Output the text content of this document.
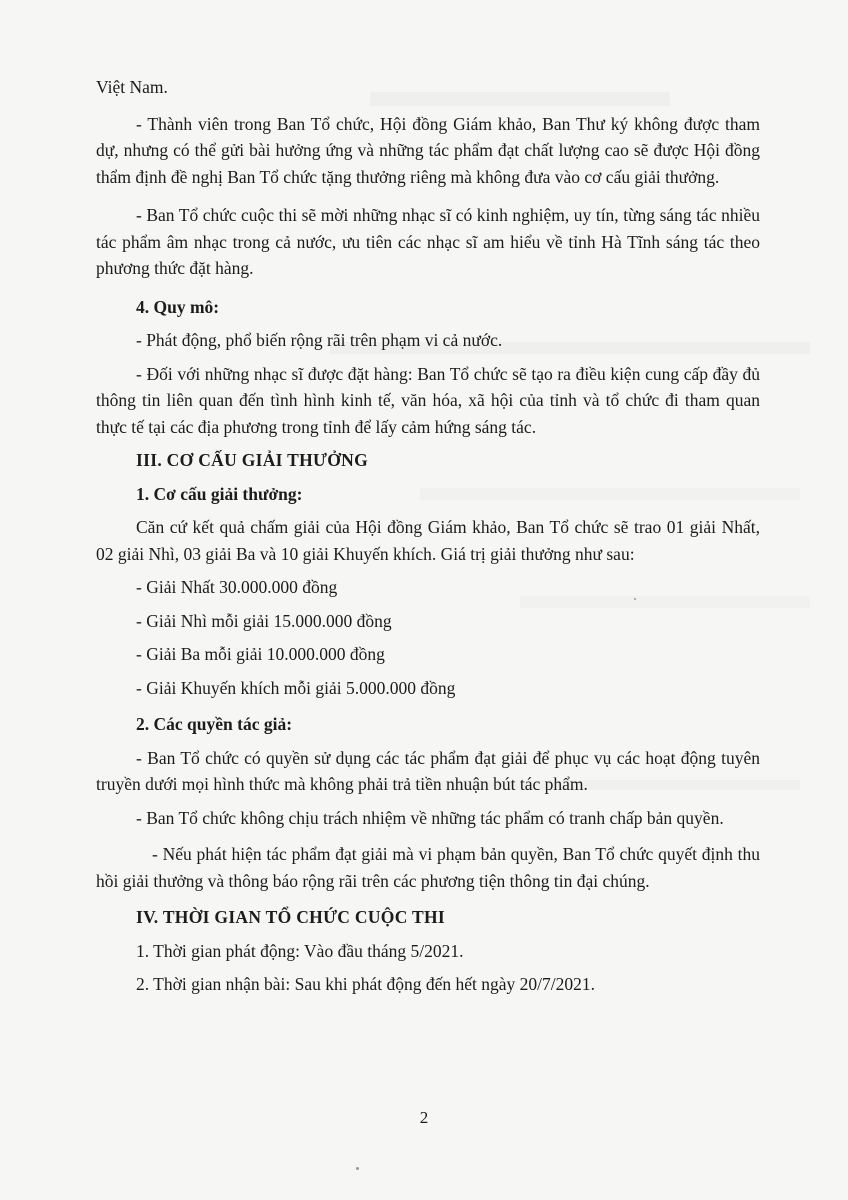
Việt Nam.

- Thành viên trong Ban Tổ chức, Hội đồng Giám khảo, Ban Thư ký không được tham dự, nhưng có thể gửi bài hưởng ứng và những tác phẩm đạt chất lượng cao sẽ được Hội đồng thẩm định đề nghị Ban Tổ chức tặng thưởng riêng mà không đưa vào cơ cấu giải thưởng.

- Ban Tổ chức cuộc thi sẽ mời những nhạc sĩ có kinh nghiệm, uy tín, từng sáng tác nhiều tác phẩm âm nhạc trong cả nước, ưu tiên các nhạc sĩ am hiểu về tỉnh Hà Tĩnh sáng tác theo phương thức đặt hàng.

4. Quy mô:

- Phát động, phổ biến rộng rãi trên phạm vi cả nước.

- Đối với những nhạc sĩ được đặt hàng: Ban Tổ chức sẽ tạo ra điều kiện cung cấp đầy đủ thông tin liên quan đến tình hình kinh tế, văn hóa, xã hội của tỉnh và tổ chức đi tham quan thực tế tại các địa phương trong tỉnh để lấy cảm hứng sáng tác.

III. CƠ CẤU GIẢI THƯỞNG

1. Cơ cấu giải thưởng:

Căn cứ kết quả chấm giải của Hội đồng Giám khảo, Ban Tổ chức sẽ trao 01 giải Nhất, 02 giải Nhì, 03 giải Ba và 10 giải Khuyến khích. Giá trị giải thưởng như sau:

- Giải Nhất 30.000.000 đồng

- Giải Nhì mỗi giải 15.000.000 đồng

- Giải Ba mỗi giải 10.000.000 đồng

- Giải Khuyến khích mỗi giải 5.000.000 đồng

2. Các quyền tác giả:

- Ban Tổ chức có quyền sử dụng các tác phẩm đạt giải để phục vụ các hoạt động tuyên truyền dưới mọi hình thức mà không phải trả tiền nhuận bút tác phẩm.

- Ban Tổ chức không chịu trách nhiệm về những tác phẩm có tranh chấp bản quyền.

- Nếu phát hiện tác phẩm đạt giải mà vi phạm bản quyền, Ban Tổ chức quyết định thu hồi giải thưởng và thông báo rộng rãi trên các phương tiện thông tin đại chúng.

IV. THỜI GIAN TỔ CHỨC CUỘC THI

1. Thời gian phát động: Vào đầu tháng 5/2021.

2. Thời gian nhận bài: Sau khi phát động đến hết ngày 20/7/2021.

2
